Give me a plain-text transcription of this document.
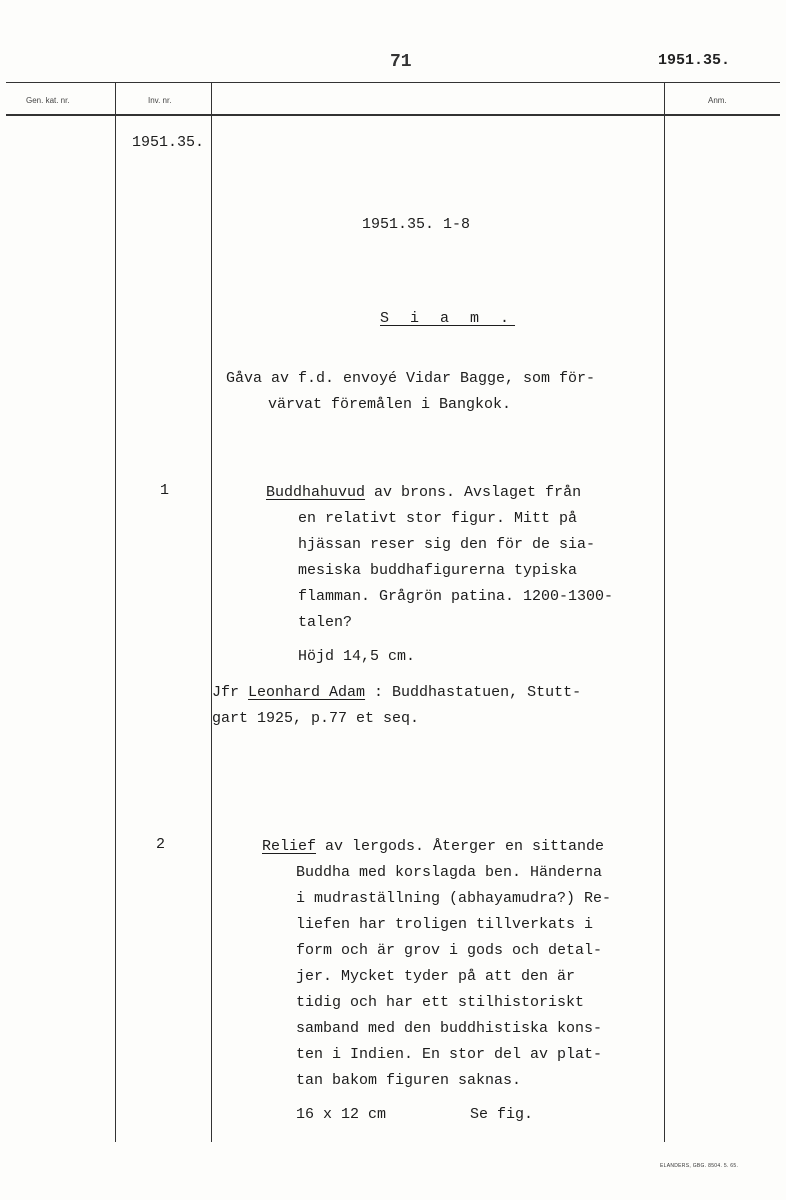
71	1951.35.
Gen. kat. nr.	Inv. nr.	Anm.
1951.35.
1951.35. 1-8
S i a m .
Gåva av f.d. envoyé Vidar Bagge, som för-
värvat föremålen i Bangkok.
1	Buddhahuvud av brons. Avslaget från
en relativt stor figur. Mitt på
hjässan reser sig den för de sia-
mesiska buddhafigurerna typiska
flamman. Grågrön patina. 1200-1300-
talen?
Höjd 14,5 cm.
Jfr Leonhard Adam : Buddhastatuen, Stutt-
gart 1925, p.77 et seq.
2	Relief av lergods. Återger en sittande
Buddha med korslagda ben. Händerna
i mudraställning (abhayamudra?) Re-
liefen har troligen tillverkats i
form och är grov i gods och detal-
jer. Mycket tyder på att den är
tidig och har ett stilhistoriskt
samband med den buddhistiska kons-
ten i Indien. En stor del av plat-
tan bakom figuren saknas.
16 x 12 cm	Se fig.
ELANDERS, GBG. 8504. 5. 65.
